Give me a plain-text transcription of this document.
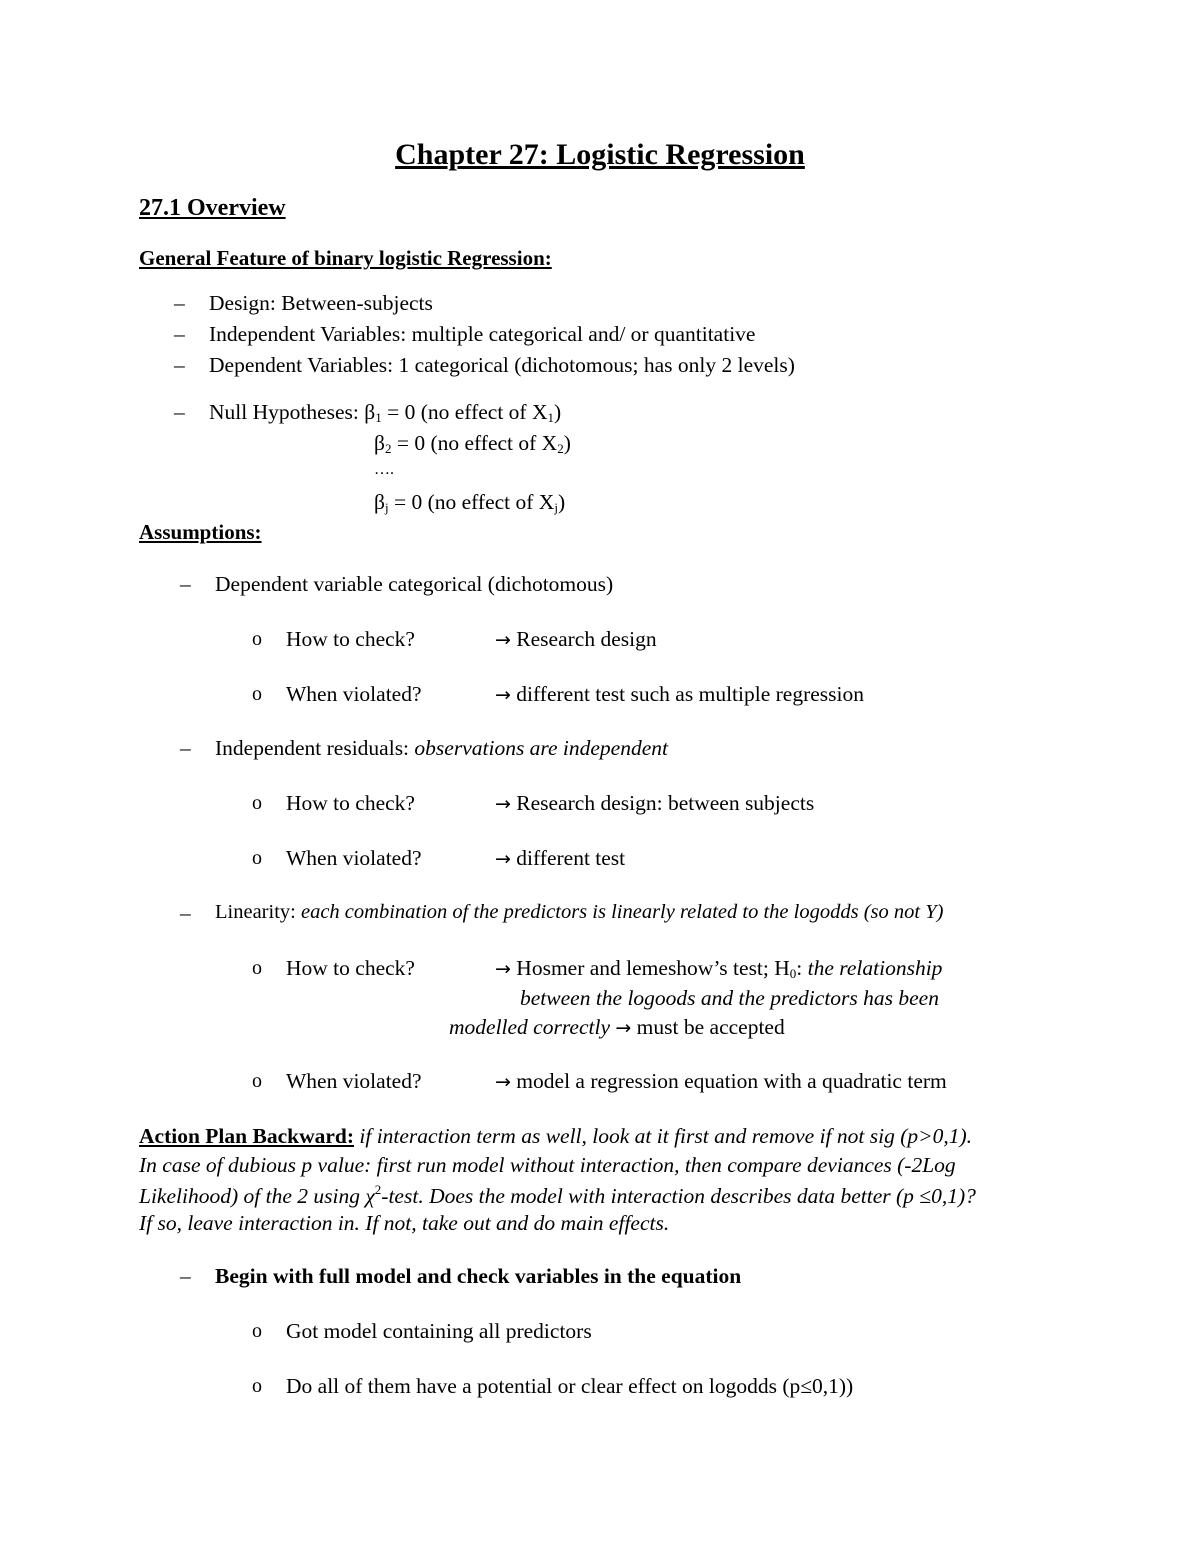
Chapter 27: Logistic Regression
27.1 Overview
General Feature of binary logistic Regression:
– Design: Between-subjects
– Independent Variables: multiple categorical and/ or quantitative
– Dependent Variables: 1 categorical (dichotomous; has only 2 levels)
– Null Hypotheses: $\beta_1 = 0$ (no effect of $X_1$)
$\beta_2 = 0$ (no effect of $X_2$)
….
$\beta_j = 0$ (no effect of $X_j$)
Assumptions:
– Dependent variable categorical (dichotomous)
o How to check?	→ Research design
o When violated?	→ different test such as multiple regression
– Independent residuals: observations are independent
o How to check?	→ Research design: between subjects
o When violated?	→ different test
– Linearity: each combination of the predictors is linearly related to the logodds (so not Y)
o How to check?	→ Hosmer and lemeshow’s test; $H_0$: the relationship
between the logoods and the predictors has been
modelled correctly → must be accepted
o When violated?	→ model a regression equation with a quadratic term
Action Plan Backward: if interaction term as well, look at it first and remove if not sig (p>0,1).
In case of dubious p value: first run model without interaction, then compare deviances (-2Log
Likelihood) of the 2 using $\chi^2$-test. Does the model with interaction describes data better (p ≤0,1)?
If so, leave interaction in. If not, take out and do main effects.
– Begin with full model and check variables in the equation
o Got model containing all predictors
o Do all of them have a potential or clear effect on logodds (p≤0,1))
